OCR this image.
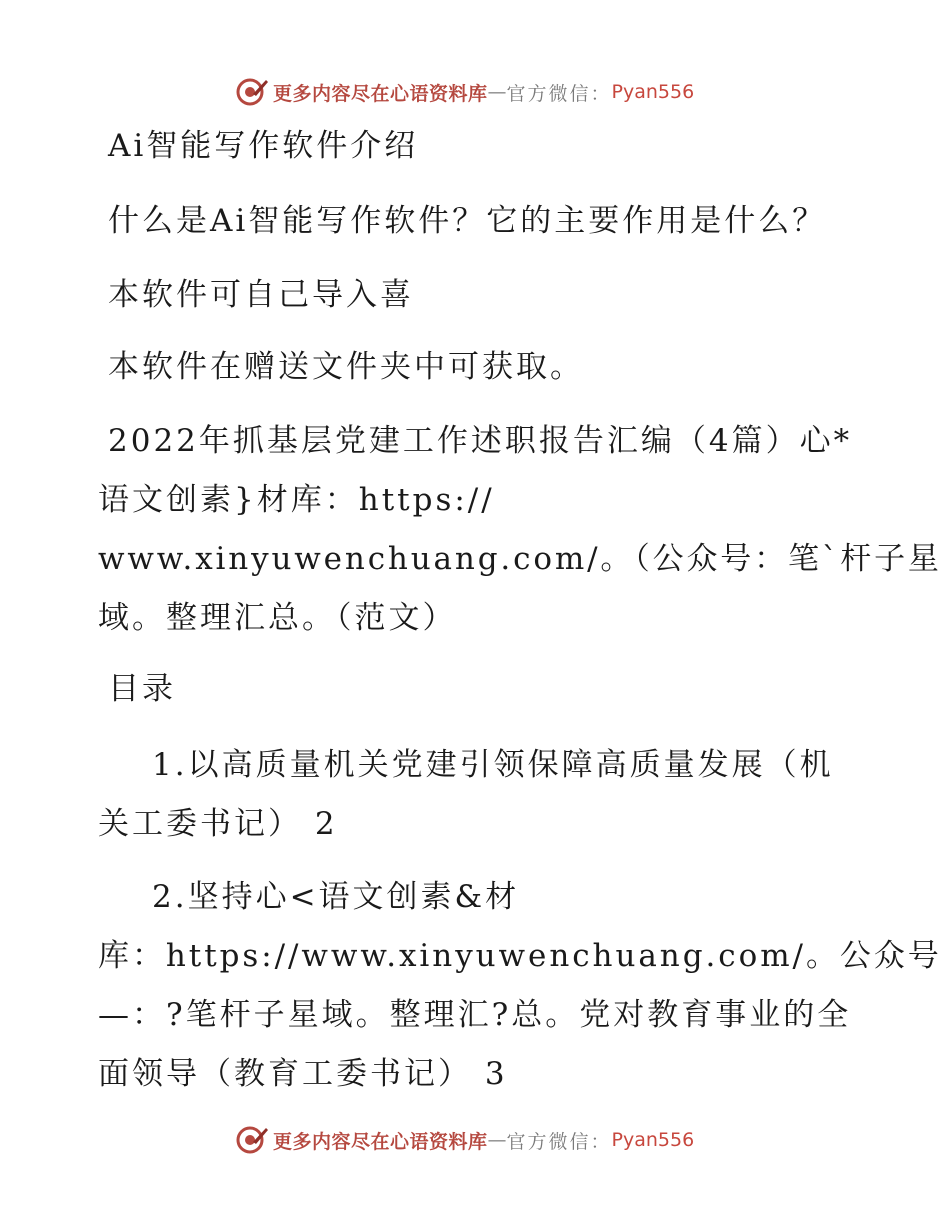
更多内容尽在心语资料库 — 官方微信： Pyan556
Ai智能写作软件介绍
什么是Ai智能写作软件？它的主要作用是什么？
本软件可自己导入喜
本软件在赠送文件夹中可获取。
2022年抓基层党建工作述职报告汇编（4篇）心*
语文创素}材库：https://
www.xinyuwenchuang.com/。（公众号：笔`杆子星
域。整理汇总。（范文）
目录
1.以高质量机关党建引领保障高质量发展（机
关工委书记） 2
2.坚持心<语文创素&材
库：https://www.xinyuwenchuang.com/。公众号
—：?笔杆子星域。整理汇?总。党对教育事业的全
面领导（教育工委书记） 3
更多内容尽在心语资料库 — 官方微信： Pyan556
